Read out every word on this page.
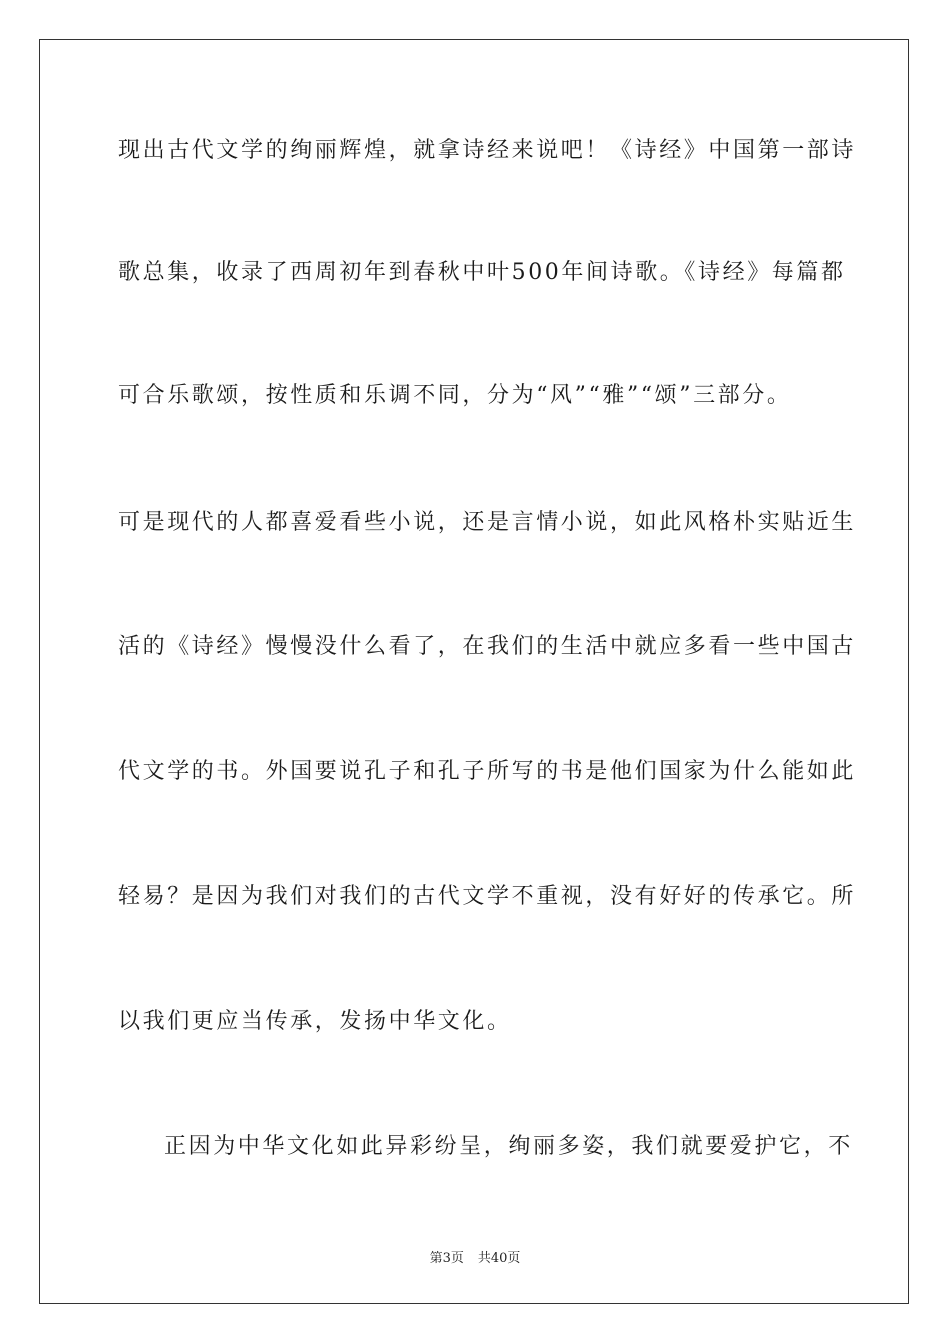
现出古代文学的绚丽辉煌，就拿诗经来说吧！《诗经》中国第一部诗
歌总集，收录了西周初年到春秋中叶500年间诗歌。《诗经》每篇都
可合乐歌颂，按性质和乐调不同，分为“风”“雅”“颂”三部分。
可是现代的人都喜爱看些小说，还是言情小说，如此风格朴实贴近生
活的《诗经》慢慢没什么看了，在我们的生活中就应多看一些中国古
代文学的书。外国要说孔子和孔子所写的书是他们国家为什么能如此
轻易？是因为我们对我们的古代文学不重视，没有好好的传承它。所
以我们更应当传承，发扬中华文化。
正因为中华文化如此异彩纷呈，绚丽多姿，我们就要爱护它，不
第3页 共40页
